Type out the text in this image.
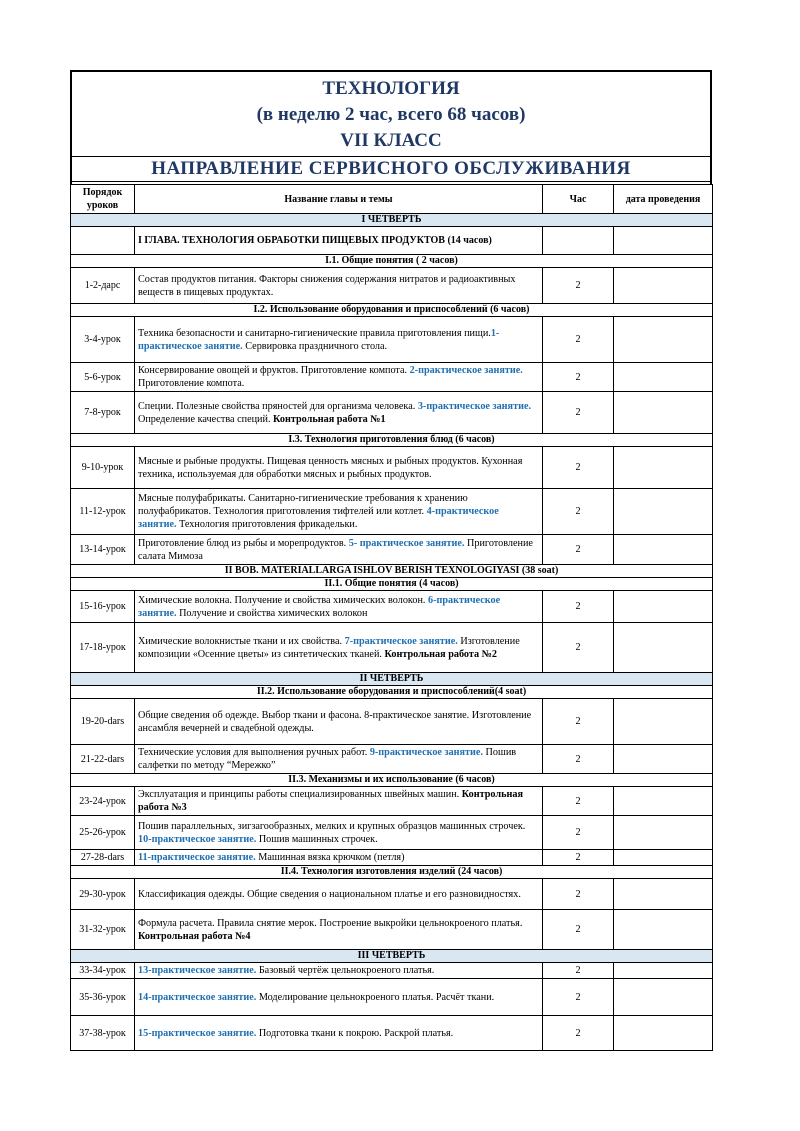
ТЕХНОЛОГИЯ
(в неделю 2 час, всего 68 часов)
VII КЛАСС
НАПРАВЛЕНИЕ СЕРВИСНОГО ОБСЛУЖИВАНИЯ
Порядок уроков	Название главы и темы	Час	дата проведения
I ЧЕТВЕРТЬ			
	I ГЛАВА. ТЕХНОЛОГИЯ ОБРАБОТКИ ПИЩЕВЫХ ПРОДУКТОВ (14 часов)		
I.1. Общие понятия ( 2 часов)			
1-2-дарс	Состав продуктов питания. Факторы снижения содержания нитратов и радиоактивных веществ в пищевых продуктах.	2	
I.2. Использование оборудования и приспособлений (6 часов)			
3-4-урок	Техника безопасности и санитарно-гигиенические правила приготовления пищи.1-практическое занятие. Сервировка праздничного стола.	2	
5-6-урок	Консервирование овощей и фруктов. Приготовление компота. 2-практическое занятие. Приготовление компота.	2	
7-8-урок	Специи. Полезные свойства пряностей для организма человека. 3-практическое занятие. Определение качества специй. Контрольная работа №1	2	
I.3. Технология приготовления блюд (6 часов)			
9-10-урок	Мясные и рыбные продукты. Пищевая ценность мясных и рыбных продуктов. Кухонная техника, используемая для обработки мясных и рыбных продуктов.	2	
11-12-урок	Мясные полуфабрикаты. Санитарно-гигиенические требования к хранению полуфабрикатов. Технология приготовления тифтелей или котлет. 4-практическое занятие. Технология приготовления фрикадельки.	2	
13-14-урок	Приготовление блюд из рыбы и морепродуктов. 5- практическое занятие. Приготовление салата Мимоза	2	
II BOB. MATERIALLARGA ISHLOV BERISH TEXNOLOGIYASI (38 soat)			
II.1. Общие понятия (4 часов)			
15-16-урок	Химические волокна. Получение и свойства химических волокон. 6-практическое занятие. Получение и свойства химических волокон	2	
17-18-урок	Химические волокнистые ткани и их свойства. 7-практическое занятие. Изготовление композиции «Осенние цветы» из синтетических тканей. Контрольная работа №2	2	
II ЧЕТВЕРТЬ			
II.2. Использование оборудования и приспособлений(4 soat)			
19-20-dars	Общие сведения об одежде. Выбор ткани и фасона. 8-практическое занятие. Изготовление ансамбля вечерней и свадебной одежды.	2	
21-22-dars	Технические условия для выполнения ручных работ. 9-практическое занятие. Пошив салфетки по методу “Мережко”	2	
II.3. Механизмы и их использование (6 часов)			
23-24-урок	Эксплуатация и принципы работы специализированных швейных машин. Контрольная работа №3	2	
25-26-урок	Пошив параллельных, зигзагообразных, мелких и крупных образцов машинных строчек. 10-практическое занятие. Пошив машинных строчек.	2	
27-28-dars	11-практическое занятие. Машинная вязка крючком (петля)	2	
II.4. Технология изготовления изделий (24 часов)			
29-30-урок	Классификация одежды. Общие сведения о национальном платье и его разновидностях.	2	
31-32-урок	Формула расчета. Правила снятие мерок. Построение выкройки цельнокроеного платья. Контрольная работа №4	2	
III ЧЕТВЕРТЬ			
33-34-урок	13-практическое занятие. Базовый чертёж цельнокроеного платья.	2	
35-36-урок	14-практическое занятие. Моделирование цельнокроеного платья. Расчёт ткани.	2	
37-38-урок	15-практическое занятие. Подготовка ткани к покрою. Раскрой платья.	2	
